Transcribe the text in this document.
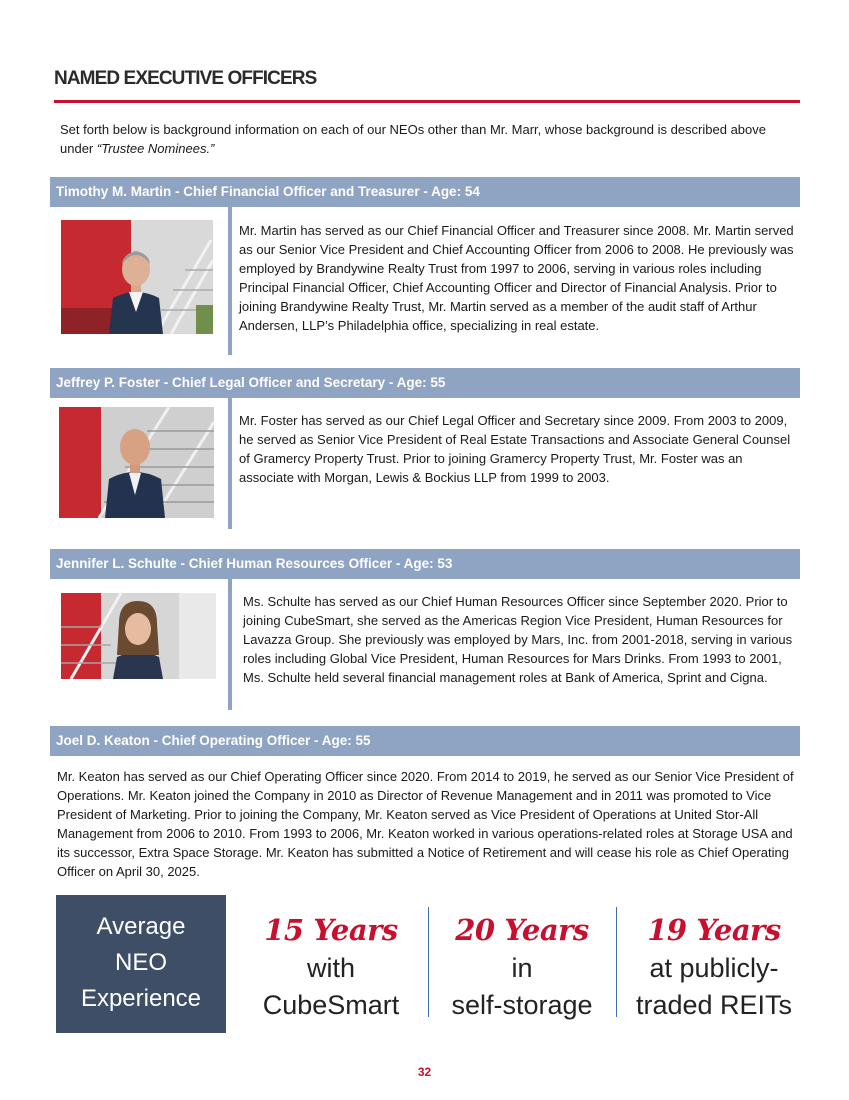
NAMED EXECUTIVE OFFICERS
Set forth below is background information on each of our NEOs other than Mr. Marr, whose background is described above under “Trustee Nominees.”
Timothy M. Martin - Chief Financial Officer and Treasurer - Age: 54
Mr. Martin has served as our Chief Financial Officer and Treasurer since 2008. Mr. Martin served as our Senior Vice President and Chief Accounting Officer from 2006 to 2008. He previously was employed by Brandywine Realty Trust from 1997 to 2006, serving in various roles including Principal Financial Officer, Chief Accounting Officer and Director of Financial Analysis. Prior to joining Brandywine Realty Trust, Mr. Martin served as a member of the audit staff of Arthur Andersen, LLP’s Philadelphia office, specializing in real estate.
Jeffrey P. Foster - Chief Legal Officer and Secretary - Age: 55
Mr. Foster has served as our Chief Legal Officer and Secretary since 2009. From 2003 to 2009, he served as Senior Vice President of Real Estate Transactions and Associate General Counsel of Gramercy Property Trust. Prior to joining Gramercy Property Trust, Mr. Foster was an associate with Morgan, Lewis & Bockius LLP from 1999 to 2003.
Jennifer L. Schulte - Chief Human Resources Officer - Age: 53
Ms. Schulte has served as our Chief Human Resources Officer since September 2020. Prior to joining CubeSmart, she served as the Americas Region Vice President, Human Resources for Lavazza Group. She previously was employed by Mars, Inc. from 2001-2018, serving in various roles including Global Vice President, Human Resources for Mars Drinks. From 1993 to 2001, Ms. Schulte held several financial management roles at Bank of America, Sprint and Cigna.
Joel D. Keaton - Chief Operating Officer - Age: 55
Mr. Keaton has served as our Chief Operating Officer since 2020. From 2014 to 2019, he served as our Senior Vice President of Operations. Mr. Keaton joined the Company in 2010 as Director of Revenue Management and in 2011 was promoted to Vice President of Marketing. Prior to joining the Company, Mr. Keaton served as Vice President of Operations at United Stor-All Management from 2006 to 2010. From 1993 to 2006, Mr. Keaton worked in various operations-related roles at Storage USA and its successor, Extra Space Storage. Mr. Keaton has submitted a Notice of Retirement and will cease his role as Chief Operating Officer on April 30, 2025.
Average
NEO
Experience
15 Years
with
CubeSmart
20 Years
in
self-storage
19 Years
at publicly-
traded REITs
32
